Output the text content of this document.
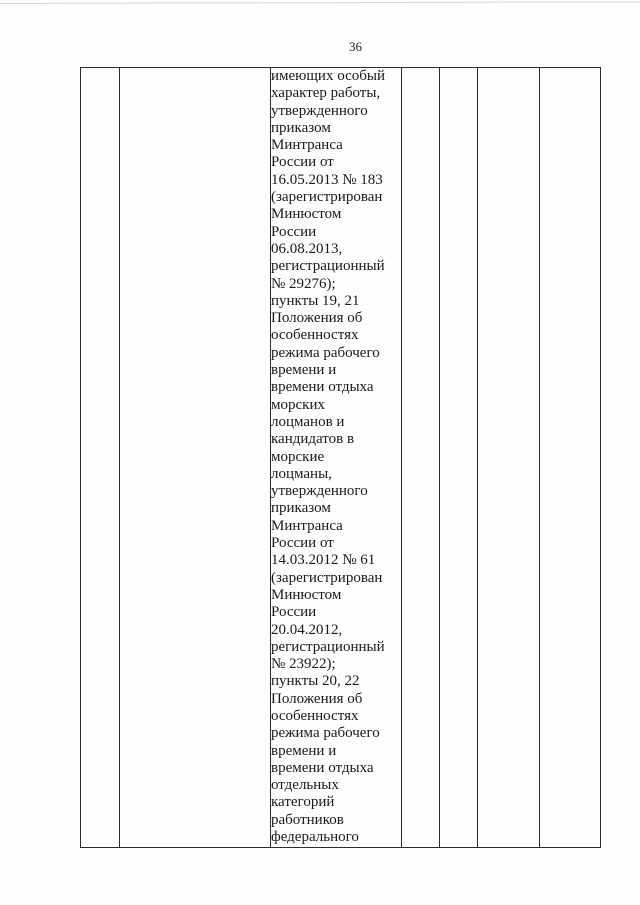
36

имеющих особый
характер работы,
утвержденного
приказом
Минтранса
России от
16.05.2013 № 183
(зарегистрирован
Минюстом
России
06.08.2013,
регистрационный
№ 29276);
пункты 19, 21
Положения об
особенностях
режима рабочего
времени и
времени отдыха
морских
лоцманов и
кандидатов в
морские
лоцманы,
утвержденного
приказом
Минтранса
России от
14.03.2012 № 61
(зарегистрирован
Минюстом
России
20.04.2012,
регистрационный
№ 23922);
пункты 20, 22
Положения об
особенностях
режима рабочего
времени и
времени отдыха
отдельных
категорий
работников
федерального
